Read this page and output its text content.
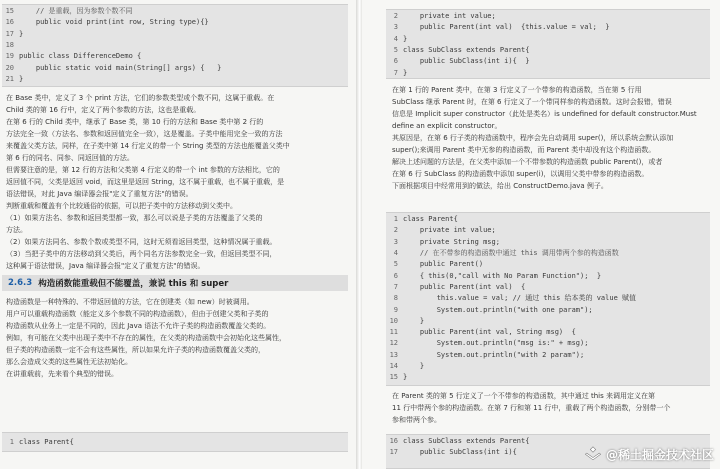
15 // 是重载，因为参数个数不同
16 public void print(int row, String type){}
17 }
18
19 public class DifferenceDemo {
20 public static void main(String[] args) {   }
21 }
在 Base 类中，定义了 3 个 print 方法，它们的参数类型或个数不同，这属于重载。在
Child 类的第 16 行中，定义了两个参数的方法，这也是重载。
在第 6 行的 Child 类中，继承了 Base 类，第 10 行的方法和 Base 类中第 2 行的
方法完全一致（方法名、参数和返回值完全一致），这是覆盖。子类中能用完全一致的方法
来覆盖父类方法，同样，在子类中第 14 行定义的带一个 String 类型的方法也能覆盖父类中
第 6 行的同名、同参、同返回值的方法。
但需要注意的是，第 12 行的方法和父类第 4 行定义的带一个 int 参数的方法相比，它的
返回值不同，父类是返回 void，而这里是返回 String，这不属于重载，也不属于重载，是
语法错误，对此 Java 编译器会报"定义了重复方法"的错误。
判断重载和覆盖有个比较通俗的依据，可以把子类中的方法移动到父类中。
（1）如果方法名、参数和返回类型都一致，那么可以说是子类的方法覆盖了父类的
方法。
（2）如果方法同名、参数个数或类型不同，这时无须看返回类型，这种情况属于重载。
（3）当把子类中的方法移动到父类后，两个同名方法参数完全一致，但返回类型不同，
这种属于语法错误，Java 编译器会报"定义了重复方法"的错误。
2.6.3 构造函数能重载但不能覆盖，兼说 this 和 super
构造函数是一种特殊的、不带返回值的方法，它在创建类（如 new）时被调用。
用户可以重载构造函数（能定义多个参数不同的构造函数），但由于创建父类和子类的
构造函数从业务上一定是不同的，因此 Java 语法不允许子类的构造函数覆盖父类的。
例如，有可能在父类中出现子类中不存在的属性，在父类的构造函数中会初始化这些属性，
但子类的构造函数一定不会有这些属性，所以如果允许子类的构造函数覆盖父类的，
那么会造成父类的这些属性无法初始化。
在讲重载前，先来看个典型的错误。
1 class Parent{
2 private int value;
3 public Parent(int val)  {this.value = val;  }
4 }
5 class SubClass extends Parent{
6 public SubClass(int i){  }
7 }
在第 1 行的 Parent 类中，在第 3 行定义了一个带参的构造函数，当在第 5 行用
SubClass 继承 Parent 时，在第 6 行定义了一个带同样参的构造函数。这时会报错，错误
信息是 Implicit super constructor（此处是类名）is undefined for default constructor.Must
define an explicit constructor。
其原因是，在第 6 行子类的构造函数中，程序会先自动调用 super()，所以系统会默认添加
super();来调用 Parent 类中无参的构造函数，而 Parent 类中却没有这个构造函数。
解决上述问题的方法是，在父类中添加一个不带参数的构造函数 public Parent()，或者
在第 6 行 SubClass 的构造函数中添加 super(i)，以调用父类中带参的构造函数。
下面根据项目中经常用到的做法，给出 ConstructDemo.java 例子。
1 class Parent{
2 private int value;
3 private String msg;
4 // 在不带参的构造函数中通过 this 调用带两个参的构造函数
5 public Parent()
6 { this(0,"call with No Param Function");  }
7 public Parent(int val)  {
8 this.value = val; // 通过 this 给本类的 value 赋值
9 System.out.println("with one param");
10 }
11 public Parent(int val, String msg)  {
12 System.out.println("msg is:" + msg);
13 System.out.println("with 2 param");
14 }
15 }
在 Parent 类的第 5 行定义了一个不带参的构造函数，其中通过 this 来调用定义在第
11 行中带两个参的构造函数。在第 7 行和第 11 行中，重载了两个构造函数，分别带一个
参和带两个参。
16 class SubClass extends Parent{
17 public SubClass(int i){	@稀土掘金技术社区
